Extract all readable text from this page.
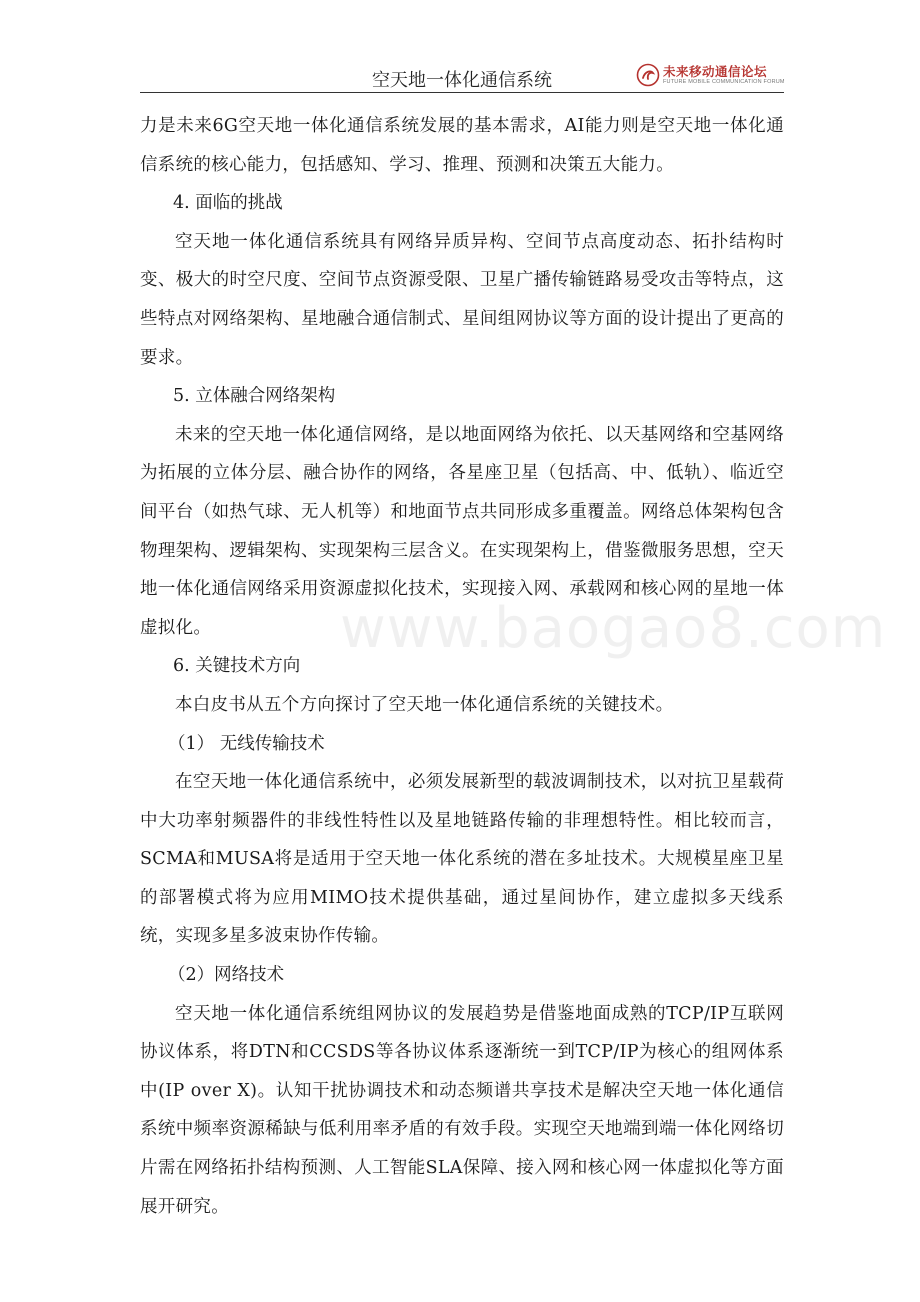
空天地一体化通信系统	未来移动通信论坛
FUTURE MOBILE COMMUNICATION FORUM
www.baogao8.com

力是未来6G空天地一体化通信系统发展的基本需求，AI能力则是空天地一体化通信系统的核心能力，包括感知、学习、推理、预测和决策五大能力。

4. 面临的挑战

空天地一体化通信系统具有网络异质异构、空间节点高度动态、拓扑结构时变、极大的时空尺度、空间节点资源受限、卫星广播传输链路易受攻击等特点，这些特点对网络架构、星地融合通信制式、星间组网协议等方面的设计提出了更高的要求。

5. 立体融合网络架构

未来的空天地一体化通信网络，是以地面网络为依托、以天基网络和空基网络为拓展的立体分层、融合协作的网络，各星座卫星（包括高、中、低轨）、临近空间平台（如热气球、无人机等）和地面节点共同形成多重覆盖。网络总体架构包含物理架构、逻辑架构、实现架构三层含义。在实现架构上，借鉴微服务思想，空天地一体化通信网络采用资源虚拟化技术，实现接入网、承载网和核心网的星地一体虚拟化。

6. 关键技术方向

本白皮书从五个方向探讨了空天地一体化通信系统的关键技术。

（1） 无线传输技术

在空天地一体化通信系统中，必须发展新型的载波调制技术，以对抗卫星载荷中大功率射频器件的非线性特性以及星地链路传输的非理想特性。相比较而言，SCMA和MUSA将是适用于空天地一体化系统的潜在多址技术。大规模星座卫星的部署模式将为应用MIMO技术提供基础，通过星间协作，建立虚拟多天线系统，实现多星多波束协作传输。

（2）网络技术

空天地一体化通信系统组网协议的发展趋势是借鉴地面成熟的TCP/IP互联网协议体系，将DTN和CCSDS等各协议体系逐渐统一到TCP/IP为核心的组网体系中(IP over X)。认知干扰协调技术和动态频谱共享技术是解决空天地一体化通信系统中频率资源稀缺与低利用率矛盾的有效手段。实现空天地端到端一体化网络切片需在网络拓扑结构预测、人工智能SLA保障、接入网和核心网一体虚拟化等方面展开研究。
